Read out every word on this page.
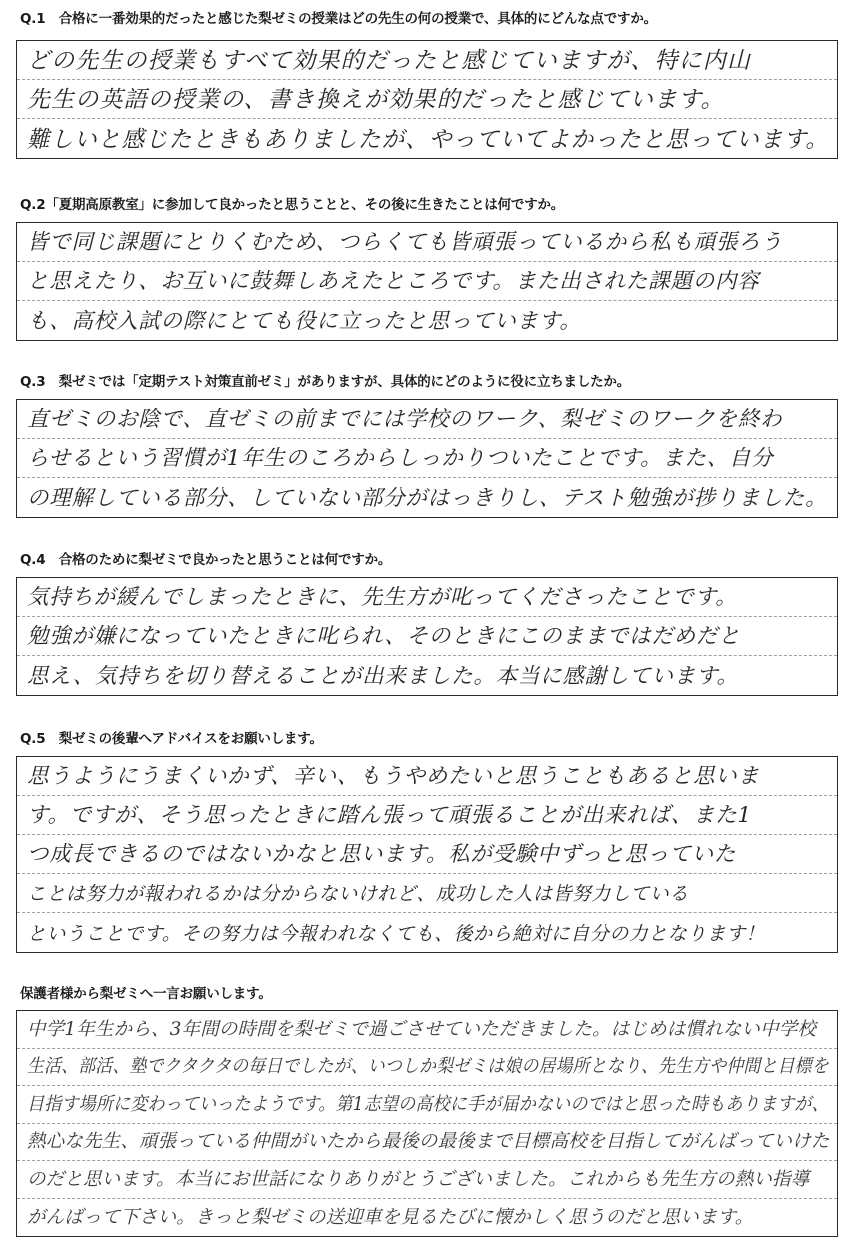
Q.1　合格に一番効果的だったと感じた梨ゼミの授業はどの先生の何の授業で、具体的にどんな点ですか。
どの先生の授業もすべて効果的だったと感じていますが、特に内山
先生の英語の授業の、書き換えが効果的だったと感じています。
難しいと感じたときもありましたが、やっていてよかったと思っています。
Q.2「夏期高原教室」に参加して良かったと思うことと、その後に生きたことは何ですか。
皆で同じ課題にとりくむため、つらくても皆頑張っているから私も頑張ろう
と思えたり、お互いに鼓舞しあえたところです。また出された課題の内容
も、高校入試の際にとても役に立ったと思っています。
Q.3　梨ゼミでは「定期テスト対策直前ゼミ」がありますが、具体的にどのように役に立ちましたか。
直ゼミのお陰で、直ゼミの前までには学校のワーク、梨ゼミのワークを終わ
らせるという習慣が1年生のころからしっかりついたことです。また、自分
の理解している部分、していない部分がはっきりし、テスト勉強が捗りました。
Q.4　合格のために梨ゼミで良かったと思うことは何ですか。
気持ちが緩んでしまったときに、先生方が叱ってくださったことです。
勉強が嫌になっていたときに叱られ、そのときにこのままではだめだと
思え、気持ちを切り替えることが出来ました。本当に感謝しています。
Q.5　梨ゼミの後輩へアドバイスをお願いします。
思うようにうまくいかず、辛い、もうやめたいと思うこともあると思いま
す。ですが、そう思ったときに踏ん張って頑張ることが出来れば、また1
つ成長できるのではないかなと思います。私が受験中ずっと思っていた
ことは努力が報われるかは分からないけれど、成功した人は皆努力している
ということです。その努力は今報われなくても、後から絶対に自分の力となります！
保護者様から梨ゼミへ一言お願いします。
中学1年生から、3年間の時間を梨ゼミで過ごさせていただきました。はじめは慣れない中学校
生活、部活、塾でクタクタの毎日でしたが、いつしか梨ゼミは娘の居場所となり、先生方や仲間と目標を
目指す場所に変わっていったようです。第1志望の高校に手が届かないのではと思った時もありますが、
熱心な先生、頑張っている仲間がいたから最後の最後まで目標高校を目指してがんばっていけた
のだと思います。本当にお世話になりありがとうございました。これからも先生方の熱い指導
がんばって下さい。きっと梨ゼミの送迎車を見るたびに懐かしく思うのだと思います。
